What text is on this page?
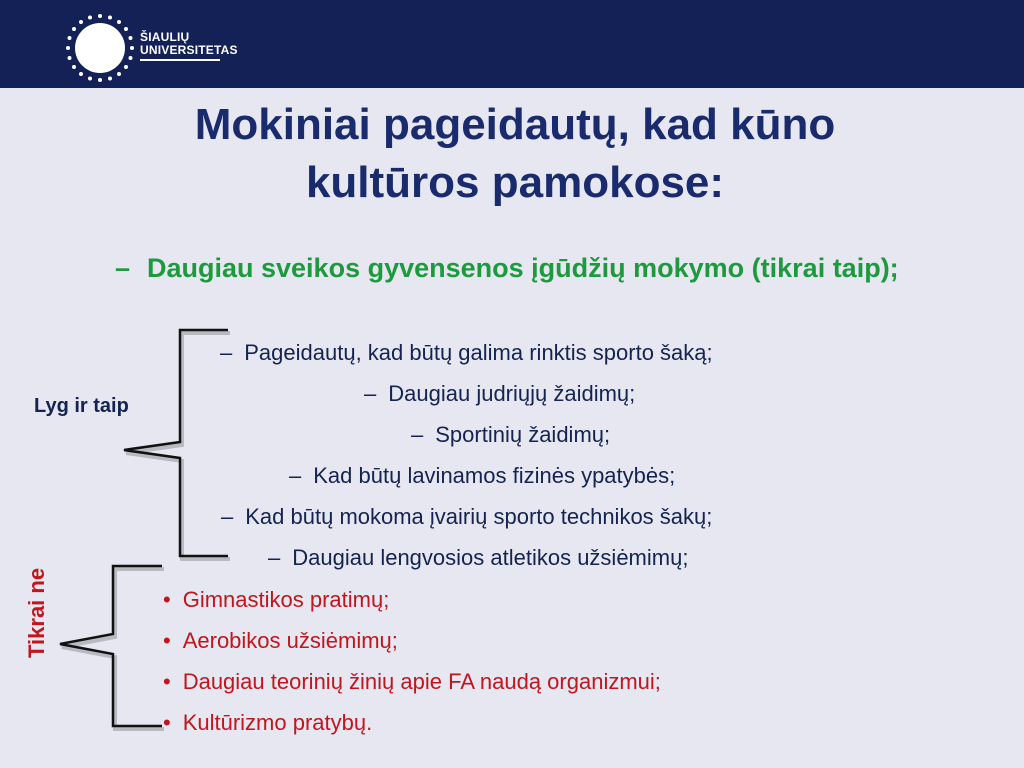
ŠIAULIŲ
UNIVERSITETAS
Mokiniai pageidautų, kad kūno
kultūros pamokose:
– Daugiau sveikos gyvensenos įgūdžių mokymo (tikrai taip);
– Pageidautų, kad būtų galima rinktis sporto šaką;
– Daugiau judriųjų žaidimų;
– Sportinių žaidimų;
– Kad būtų lavinamos fizinės ypatybės;
– Kad būtų mokoma įvairių sporto technikos šakų;
– Daugiau lengvosios atletikos užsiėmimų;
• Gimnastikos pratimų;
• Aerobikos užsiėmimų;
• Daugiau teorinių žinių apie FA naudą organizmui;
• Kultūrizmo pratybų.
Lyg ir taip
Tikrai ne
